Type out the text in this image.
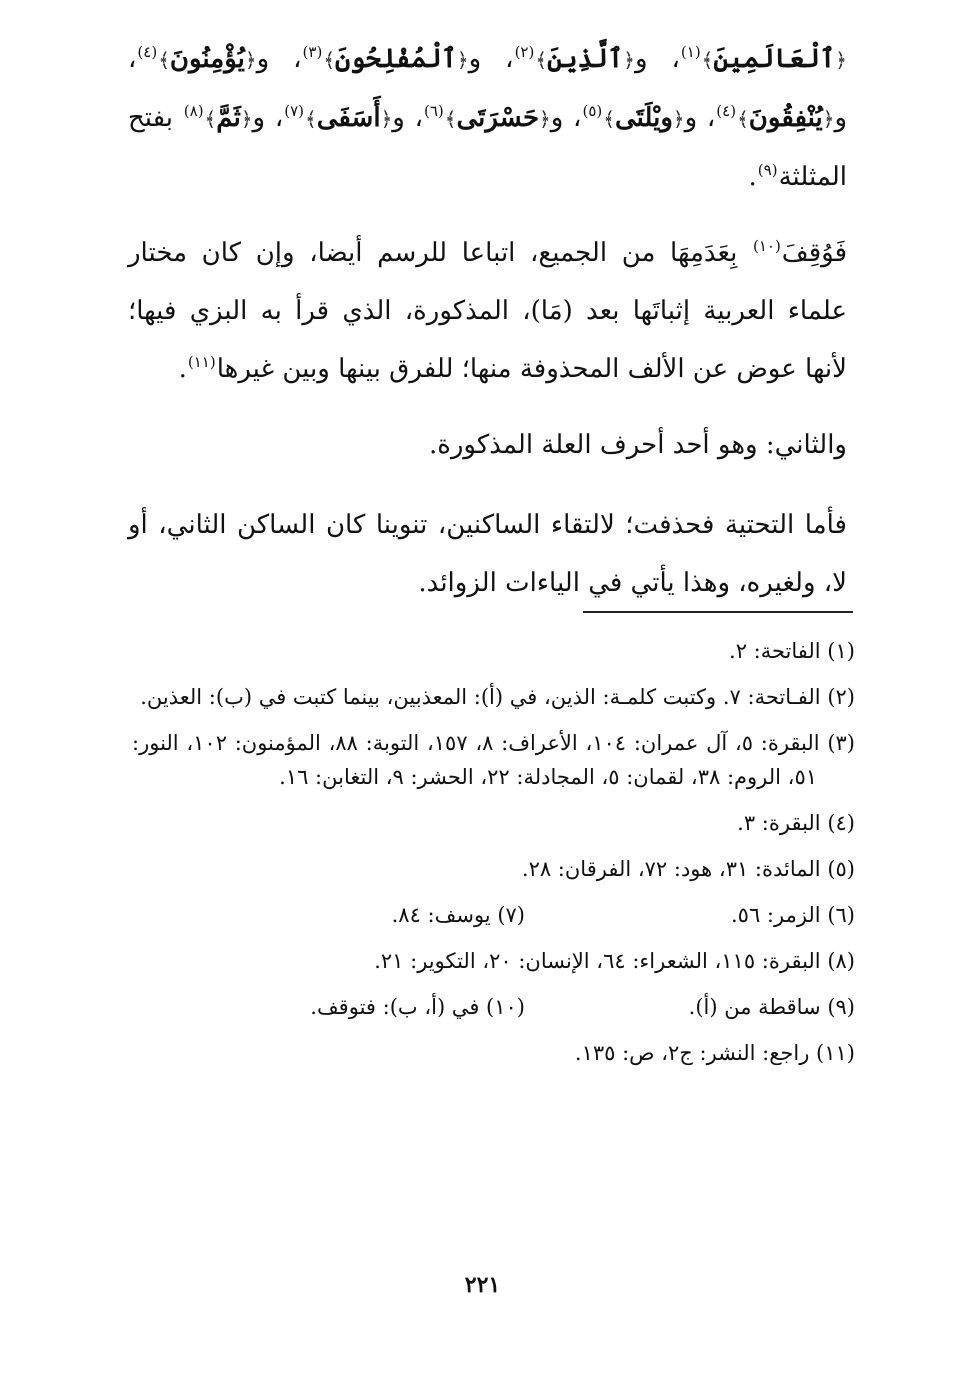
﴿ٱلْعَالَمِينَ﴾$^{(١)}$، و﴿ٱلَّذِينَ﴾$^{(٢)}$، و﴿ٱلْمُفْلِحُونَ﴾$^{(٣)}$، و﴿يُؤْمِنُونَ﴾$^{(٤)}$، و﴿يُنْفِقُونَ﴾$^{(٤)}$، و﴿ويْلَتَى﴾$^{(٥)}$، و﴿حَسْرَتَى﴾$^{(٦)}$، و﴿أَسَفَى﴾$^{(٧)}$، و﴿ثَمَّ﴾$^{(٨)}$ بفتح المثلثة$^{(٩)}$.

فَوُقِفَ$^{(١٠)}$ بِعَدَمِهَا من الجميع، اتباعا للرسم أيضا، وإن كان مختار علماء العربية إثباتَها بعد (مَا)، المذكورة، الذي قرأ به البزي فيها؛ لأنها عوض عن الألف المحذوفة منها؛ للفرق بينها وبين غيرها$^{(١١)}$.

والثاني: وهو أحد أحرف العلة المذكورة.

فأما التحتية فحذفت؛ لالتقاء الساكنين، تنوينا كان الساكن الثاني، أو لا، ولغيره، وهذا يأتي في الياءات الزوائد.

(١) الفاتحة: ٢.
(٢) الفـاتحة: ٧. وكتبت كلمـة: الذين، في (أ): المعذبين، بينما كتبت في (ب): العذين.
(٣) البقرة: ٥، آل عمران: ١٠٤، الأعراف: ٨، ١٥٧، التوبة: ٨٨، المؤمنون: ١٠٢، النور: ٥١، الروم: ٣٨، لقمان: ٥، المجادلة: ٢٢، الحشر: ٩، التغابن: ١٦.
(٤) البقرة: ٣.
(٥) المائدة: ٣١، هود: ٧٢، الفرقان: ٢٨.
(٦) الزمر: ٥٦.
(٧) يوسف: ٨٤.
(٨) البقرة: ١١٥، الشعراء: ٦٤، الإنسان: ٢٠، التكوير: ٢١.
(٩) ساقطة من (أ).
(١٠) في (أ، ب): فتوقف.
(١١) راجع: النشر: ج٢، ص: ١٣٥.
٢٢١
